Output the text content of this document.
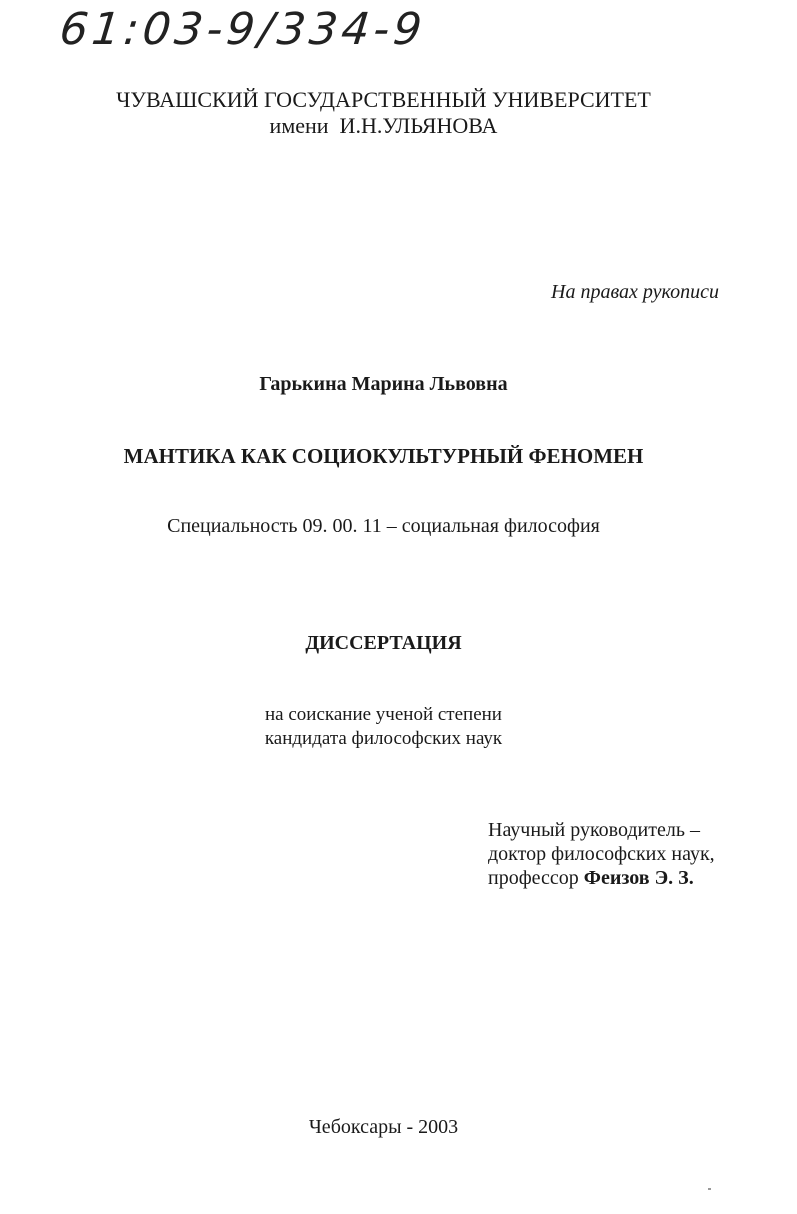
61:03-9/334-9
ЧУВАШСКИЙ ГОСУДАРСТВЕННЫЙ УНИВЕРСИТЕТ
имени  И.Н.УЛЬЯНОВА
На правах рукописи
Гарькина Марина Львовна
МАНТИКА КАК СОЦИОКУЛЬТУРНЫЙ ФЕНОМЕН
Специальность 09. 00. 11 – социальная философия
ДИССЕРТАЦИЯ
на соискание ученой степени
кандидата философских наук
Научный руководитель –
доктор философских наук,
профессор Феизов Э. З.
Чебоксары - 2003
